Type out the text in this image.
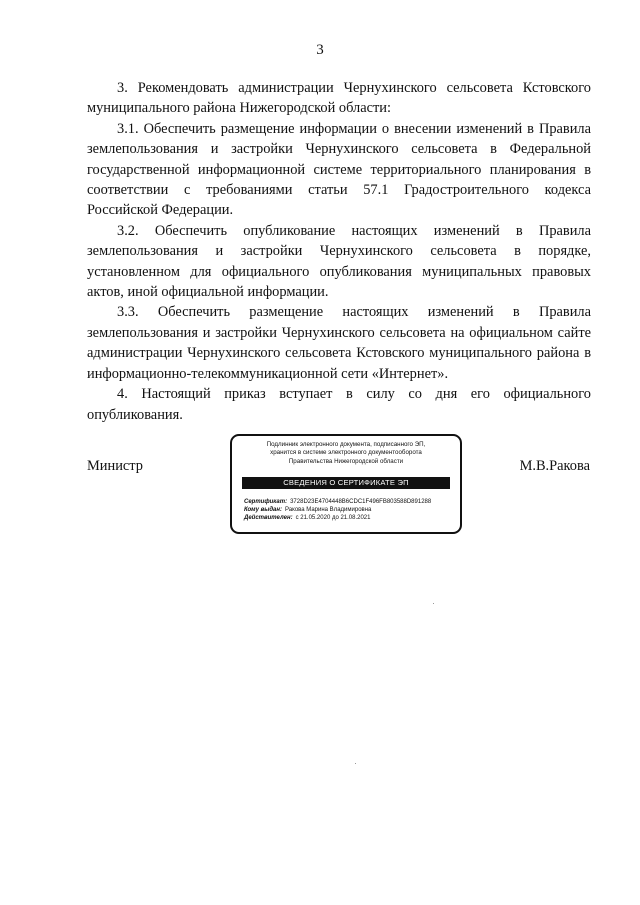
3

3. Рекомендовать администрации Чернухинского сельсовета Кстовского муниципального района Нижегородской области:

3.1. Обеспечить размещение информации о внесении изменений в Правила землепользования и застройки Чернухинского сельсовета в Федеральной государственной информационной системе территориального планирования в соответствии с требованиями статьи 57.1 Градостроительного кодекса Российской Федерации.

3.2. Обеспечить опубликование настоящих изменений в Правила землепользования и застройки Чернухинского сельсовета в порядке, установленном для официального опубликования муниципальных правовых актов, иной официальной информации.

3.3. Обеспечить размещение настоящих изменений в Правила землепользования и застройки Чернухинского сельсовета на официальном сайте администрации Чернухинского сельсовета Кстовского муниципального района в информационно-телекоммуникационной сети «Интернет».

4. Настоящий приказ вступает в силу со дня его официального опубликования.

Министр	М.В.Ракова
Подлинник электронного документа, подписанного ЭП,
хранится в системе электронного документооборота
Правительства Нижегородской области
СВЕДЕНИЯ О СЕРТИФИКАТЕ ЭП
Сертификат: 3728D23E4704448B6CDC1F496FB803588D891288
Кому выдан: Ракова Марина Владимировна
Действителен: с 21.05.2020 до 21.08.2021
